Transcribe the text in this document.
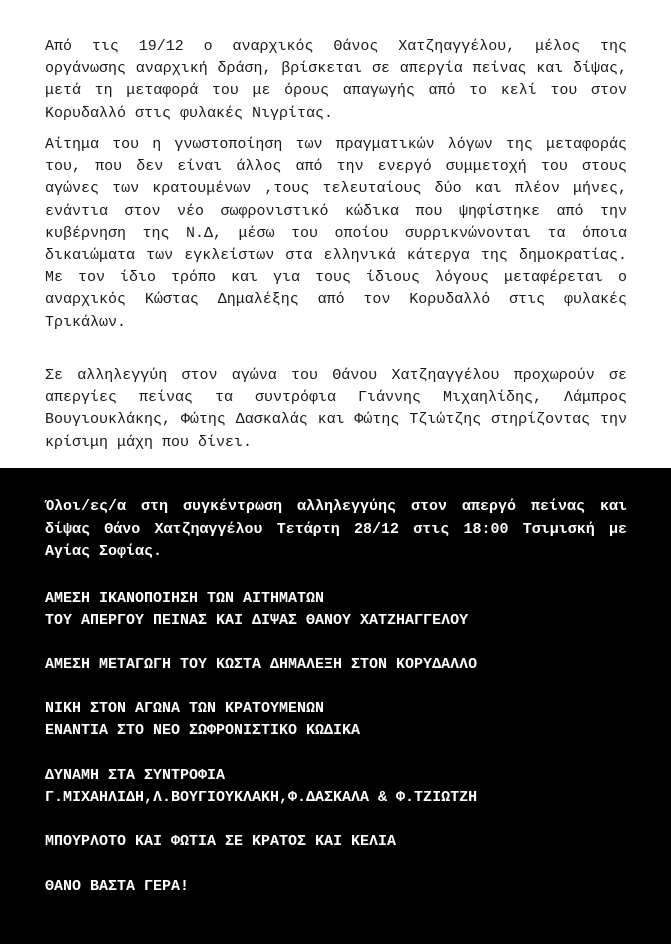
Από τις 19/12 ο αναρχικός Θάνος Χατζηαγγέλου, μέλος της οργάνωσης αναρχική δράση, βρίσκεται σε απεργία πείνας και δίψας, μετά τη μεταφορά του με όρους απαγωγής από το κελί του στον Κορυδαλλό στις φυλακές Νιγρίτας.

Αίτημα του η γνωστοποίηση των πραγματικών λόγων της μεταφοράς του, που δεν είναι άλλος από την ενεργό συμμετοχή του στους αγώνες των κρατουμένων ,τους τελευταίους δύο και πλέον μήνες, ενάντια στον νέο σωφρονιστικό κώδικα που ψηφίστηκε από την κυβέρνηση της Ν.Δ, μέσω του οποίου συρρικνώνονται τα όποια δικαιώματα των εγκλείστων στα ελληνικά κάτεργα της δημοκρατίας. Με τον ίδιο τρόπο και για τους ίδιους λόγους μεταφέρεται ο αναρχικός Κώστας Δημαλέξης από τον Κορυδαλλό στις φυλακές Τρικάλων.

Σε αλληλεγγύη στον αγώνα του Θάνου Χατζηαγγέλου προχωρούν σε απεργίες πείνας τα συντρόφια Γιάννης Μιχαηλίδης, Λάμπρος Βουγιουκλάκης, Φώτης Δασκαλάς και Φώτης Τζιώτζης στηρίζοντας την κρίσιμη μάχη που δίνει.

Όλοι/ες/α στη συγκέντρωση αλληλεγγύης στον απεργό πείνας και δίψας Θάνο Χατζηαγγέλου Τετάρτη 28/12 στις 18:00 Τσιμισκή με Αγίας Σοφίας.
ΑΜΕΣΗ ΙΚΑΝΟΠΟΙΗΣΗ ΤΩΝ ΑΙΤΗΜΑΤΩΝ
ΤΟΥ ΑΠΕΡΓΟΥ ΠΕΙΝΑΣ ΚΑΙ ΔΙΨΑΣ ΘΑΝΟΥ ΧΑΤΖΗΑΓΓΕΛΟΥ
ΑΜΕΣΗ ΜΕΤΑΓΩΓΗ ΤΟΥ ΚΩΣΤΑ ΔΗΜΑΛΕΞΗ ΣΤΟΝ ΚΟΡΥΔΑΛΛΟ
ΝΙΚΗ ΣΤΟΝ ΑΓΩΝΑ ΤΩΝ ΚΡΑΤΟΥΜΕΝΩΝ
ΕΝΑΝΤΙΑ ΣΤΟ ΝΕΟ ΣΩΦΡΟΝΙΣΤΙΚΟ ΚΩΔΙΚΑ
ΔΥΝΑΜΗ ΣΤΑ ΣΥΝΤΡΟΦΙΑ
Γ.ΜΙΧΑΗΛΙΔΗ,Λ.ΒΟΥΓΙΟΥΚΛΑΚΗ,Φ.ΔΑΣΚΑΛΑ & Φ.ΤΖΙΩΤΖΗ
ΜΠΟΥΡΛΟΤΟ ΚΑΙ ΦΩΤΙΑ ΣΕ ΚΡΑΤΟΣ ΚΑΙ ΚΕΛΙΑ
ΘΑΝΟ ΒΑΣΤΑ ΓΕΡΑ!
